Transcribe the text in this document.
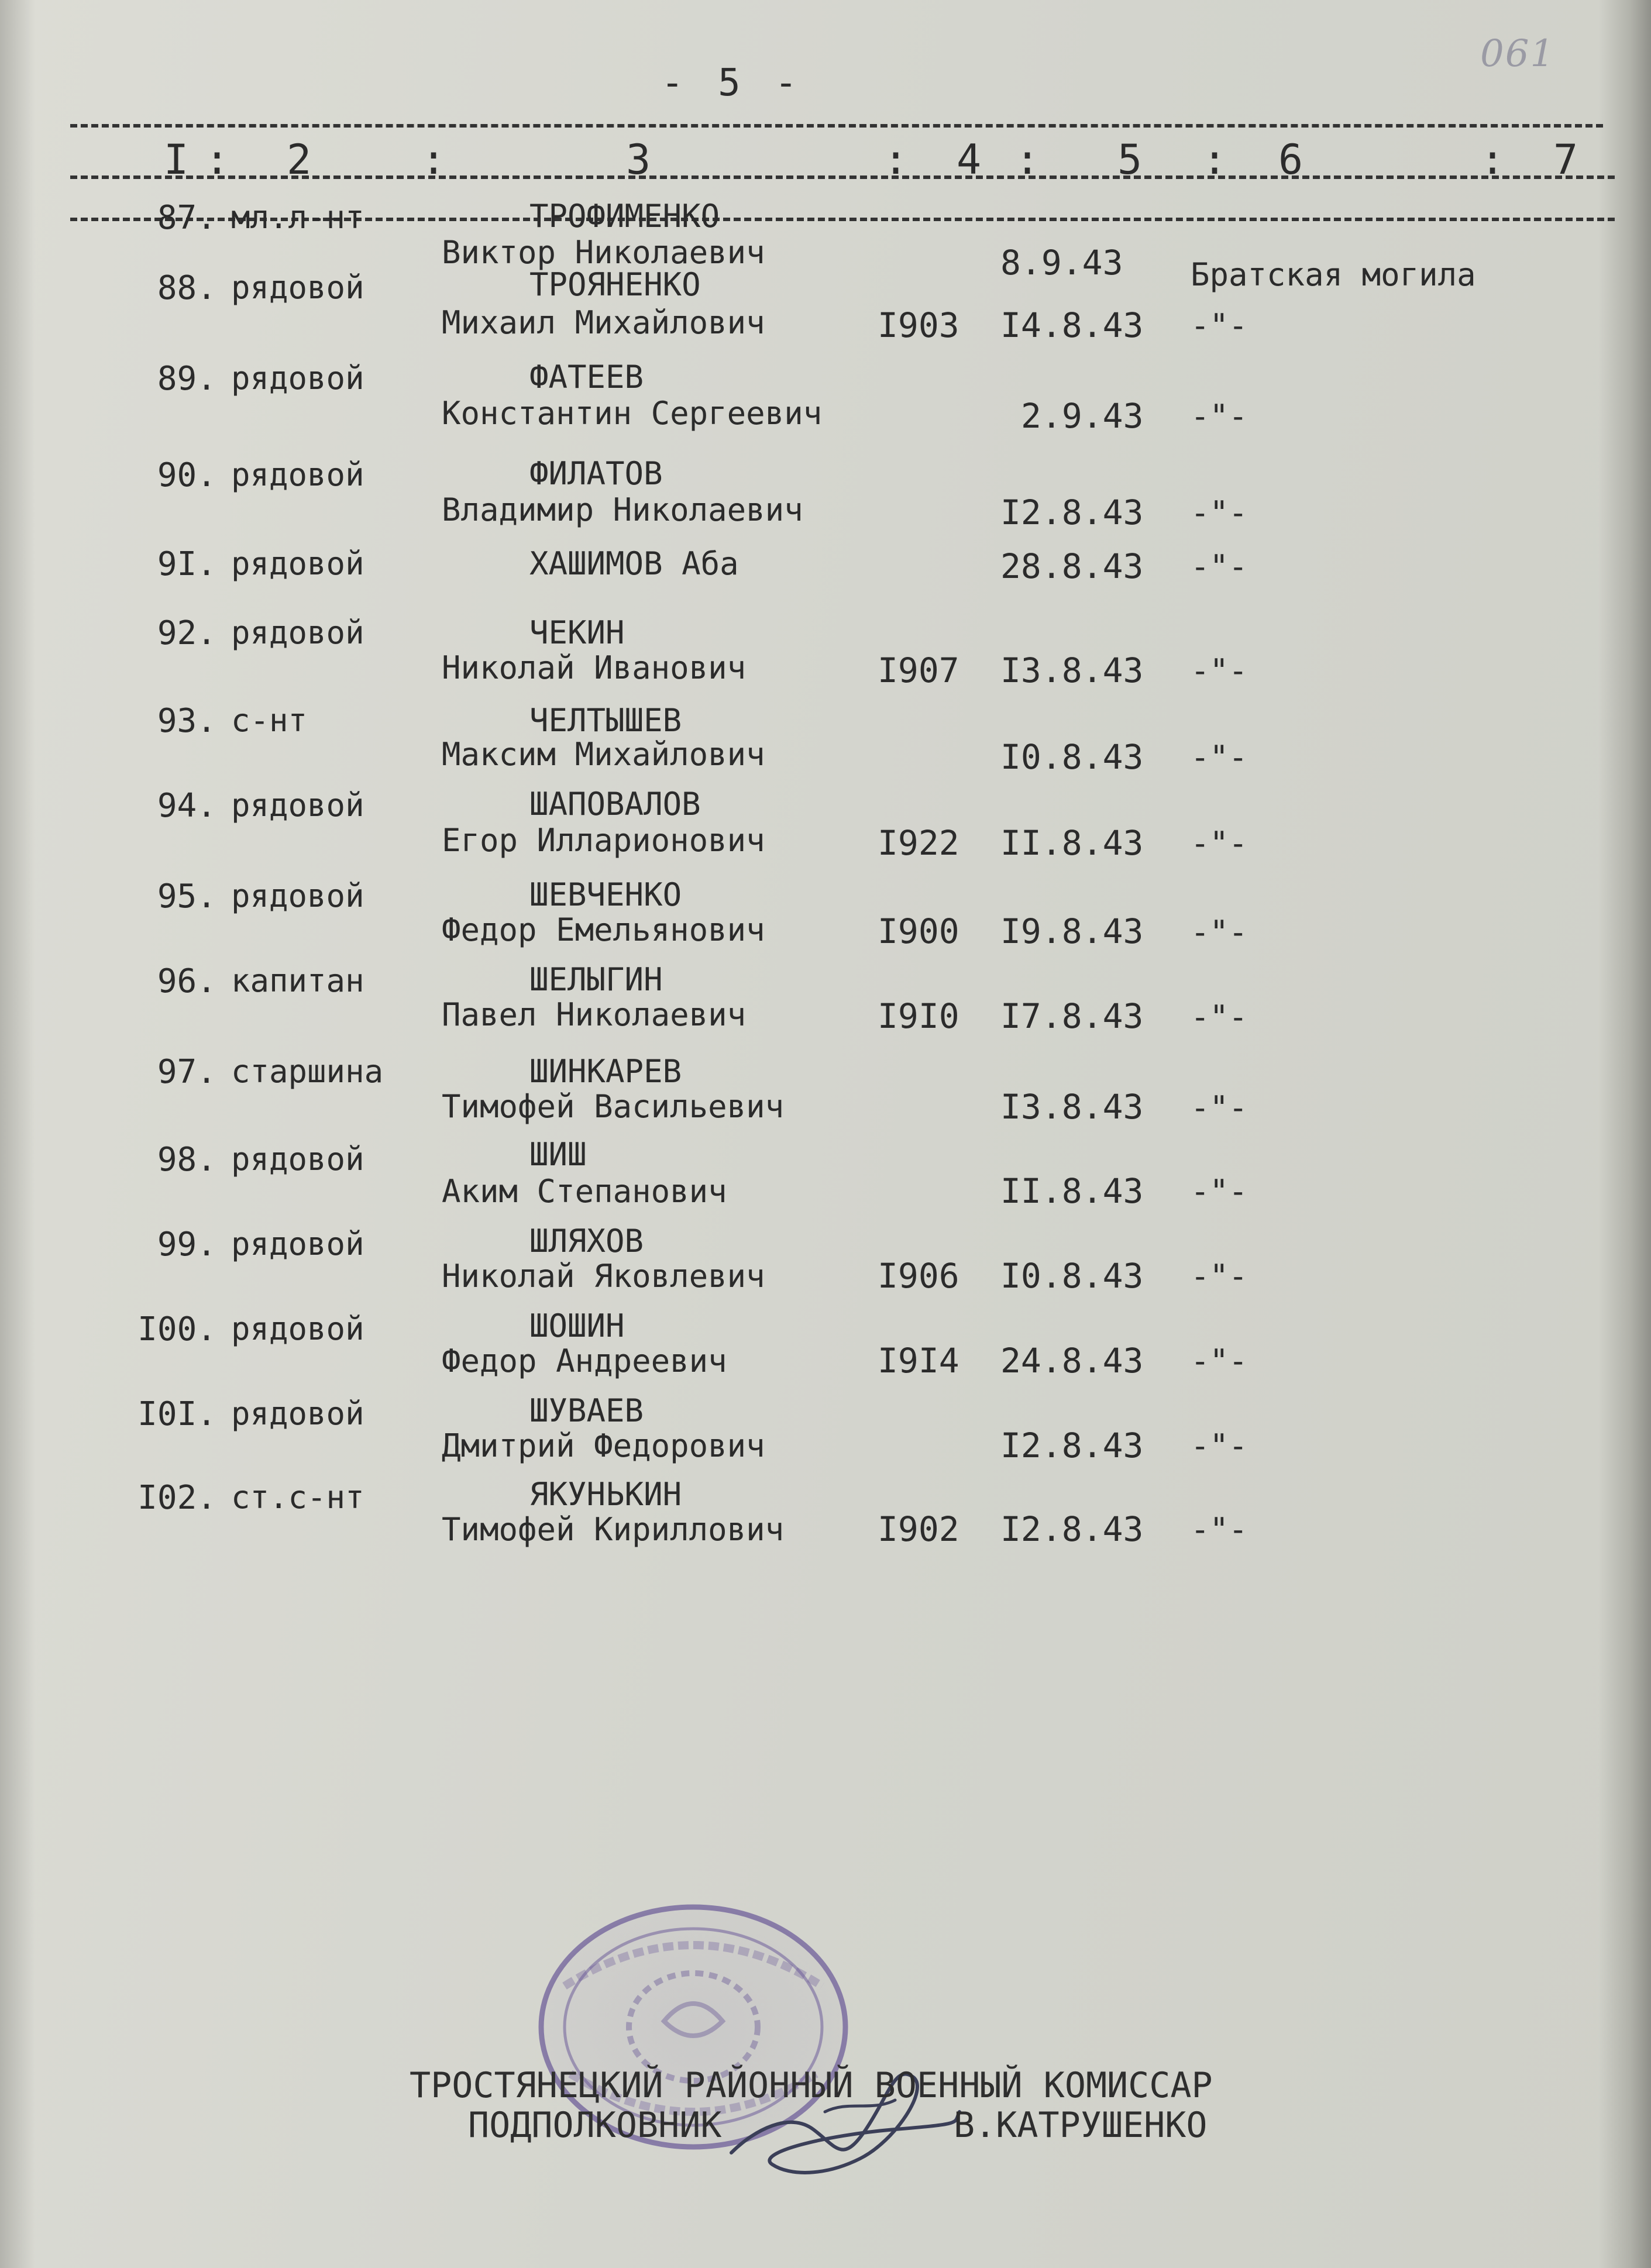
061
- 5 -
I : 2	:	3	: 4 : 5 : 6	: 7
87. мл.л-нт	ТРОФИМЕНКО
Виктор Николаевич	8.9.43 Братская могила
88. рядовой	ТРОЯНЕНКО
Михаил Михайлович	I903 I4.8.43 -"-
89. рядовой	ФАТЕЕВ
Константин Сергеевич	2.9.43 -"-
90. рядовой	ФИЛАТОВ
Владимир Николаевич	I2.8.43 -"-
9I. рядовой	ХАШИМОВ Аба	28.8.43 -"-
92. рядовой	ЧЕКИН
Николай Иванович	I907 I3.8.43 -"-
93. с-нт	ЧЕЛТЫШЕВ
Максим Михайлович	I0.8.43 -"-
94. рядовой	ШАПОВАЛОВ
Егор Илларионович	I922 II.8.43 -"-
95. рядовой	ШЕВЧЕНКО
Федор Емельянович	I900 I9.8.43 -"-
96. капитан	ШЕЛЫГИН
Павел Николаевич	I9I0 I7.8.43 -"-
97. старшина	ШИНКАРЕВ
Тимофей Васильевич	I3.8.43 -"-
98. рядовой	ШИШ
Аким Степанович	II.8.43 -"-
99. рядовой	ШЛЯХОВ
Николай Яковлевич	I906 I0.8.43 -"-
I00. рядовой	ШОШИН
Федор Андреевич	I9I4 24.8.43 -"-
I0I. рядовой	ШУВАЕВ
Дмитрий Федорович	I2.8.43 -"-
I02. ст.с-нт	ЯКУНЬКИН
Тимофей Кириллович	I902 I2.8.43 -"-
ТРОСТЯНЕЦКИЙ РАЙОННЫЙ ВОЕННЫЙ КОМИССАР
ПОДПОЛКОВНИК	В.КАТРУШЕНКО
